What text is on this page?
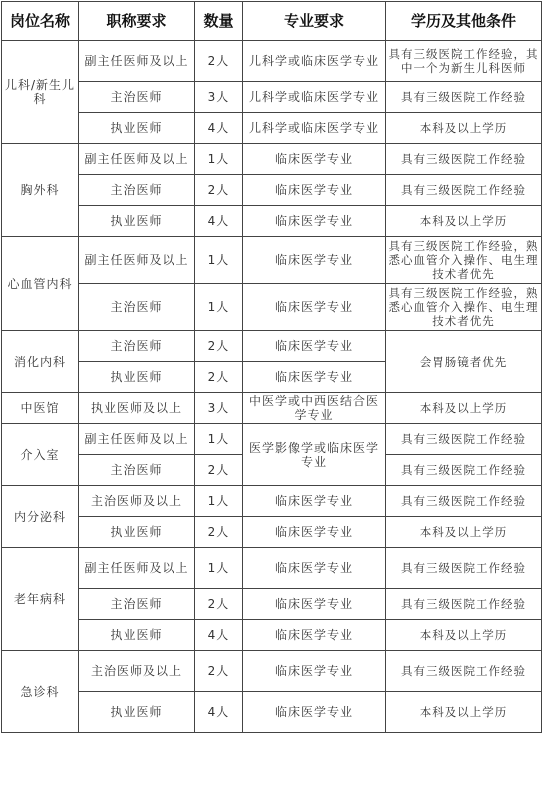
岗位名称	职称要求	数量	专业要求	学历及其他条件
儿科/新生儿科	副主任医师及以上	2人	儿科学或临床医学专业	具有三级医院工作经验，其中一个为新生儿科医师
	主治医师	3人	儿科学或临床医学专业	具有三级医院工作经验
	执业医师	4人	儿科学或临床医学专业	本科及以上学历
胸外科	副主任医师及以上	1人	临床医学专业	具有三级医院工作经验
	主治医师	2人	临床医学专业	具有三级医院工作经验
	执业医师	4人	临床医学专业	本科及以上学历
心血管内科	副主任医师及以上	1人	临床医学专业	具有三级医院工作经验，熟悉心血管介入操作、电生理技术者优先
	主治医师	1人	临床医学专业	具有三级医院工作经验，熟悉心血管介入操作、电生理技术者优先
消化内科	主治医师	2人	临床医学专业	会胃肠镜者优先
	执业医师	2人	临床医学专业	
中医馆	执业医师及以上	3人	中医学或中西医结合医学专业	本科及以上学历
介入室	副主任医师及以上	1人	医学影像学或临床医学专业	具有三级医院工作经验
	主治医师	2人		具有三级医院工作经验
内分泌科	主治医师及以上	1人	临床医学专业	具有三级医院工作经验
	执业医师	2人	临床医学专业	本科及以上学历
老年病科	副主任医师及以上	1人	临床医学专业	具有三级医院工作经验
	主治医师	2人	临床医学专业	具有三级医院工作经验
	执业医师	4人	临床医学专业	本科及以上学历
急诊科	主治医师及以上	2人	临床医学专业	具有三级医院工作经验
	执业医师	4人	临床医学专业	本科及以上学历
